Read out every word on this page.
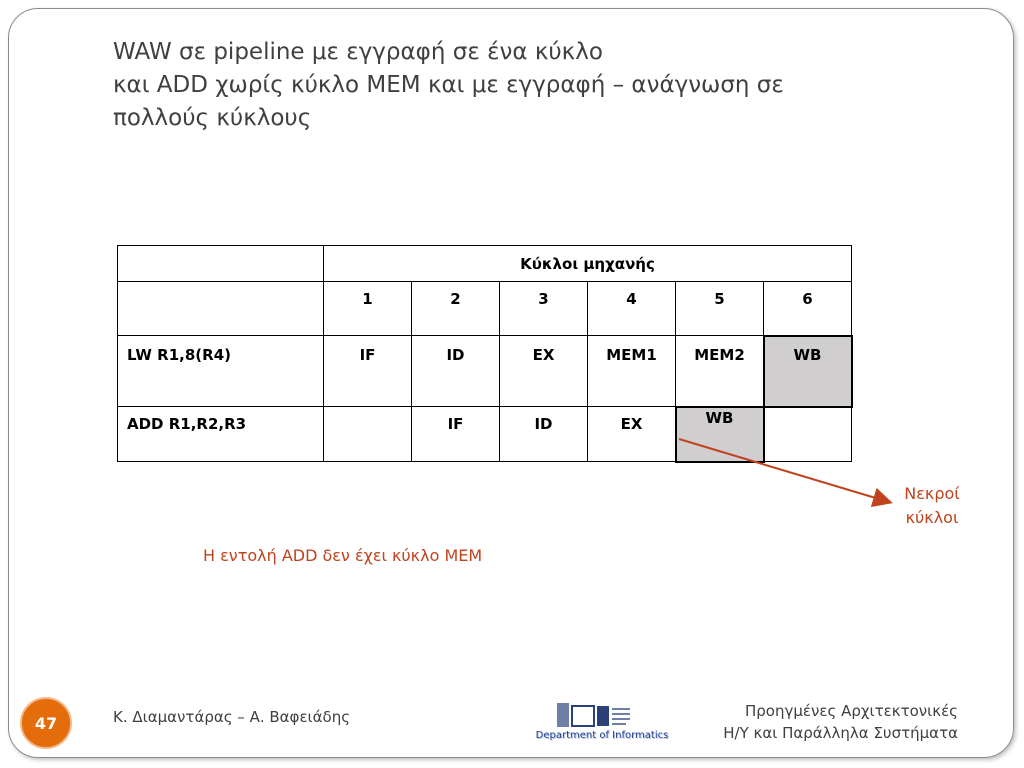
WAW σε pipeline με εγγραφή σε ένα κύκλο
και ADD χωρίς κύκλο MEM και με εγγραφή – ανάγνωση σε
πολλούς κύκλους
	Κύκλοι μηχανής					
	1	2	3	4	5	6
LW R1,8(R4)	IF	ID	EX	MEM1	MEM2	WB
ADD R1,R2,R3		IF	ID	EX	WB	

Νεκροί
κύκλοι

Η εντολή ADD δεν έχει κύκλο MEM

47	Κ. Διαμαντάρας – Α. Βαφειάδης

Department of Informatics

Προηγμένες Αρχιτεκτονικές
Η/Υ και Παράλληλα Συστήματα
